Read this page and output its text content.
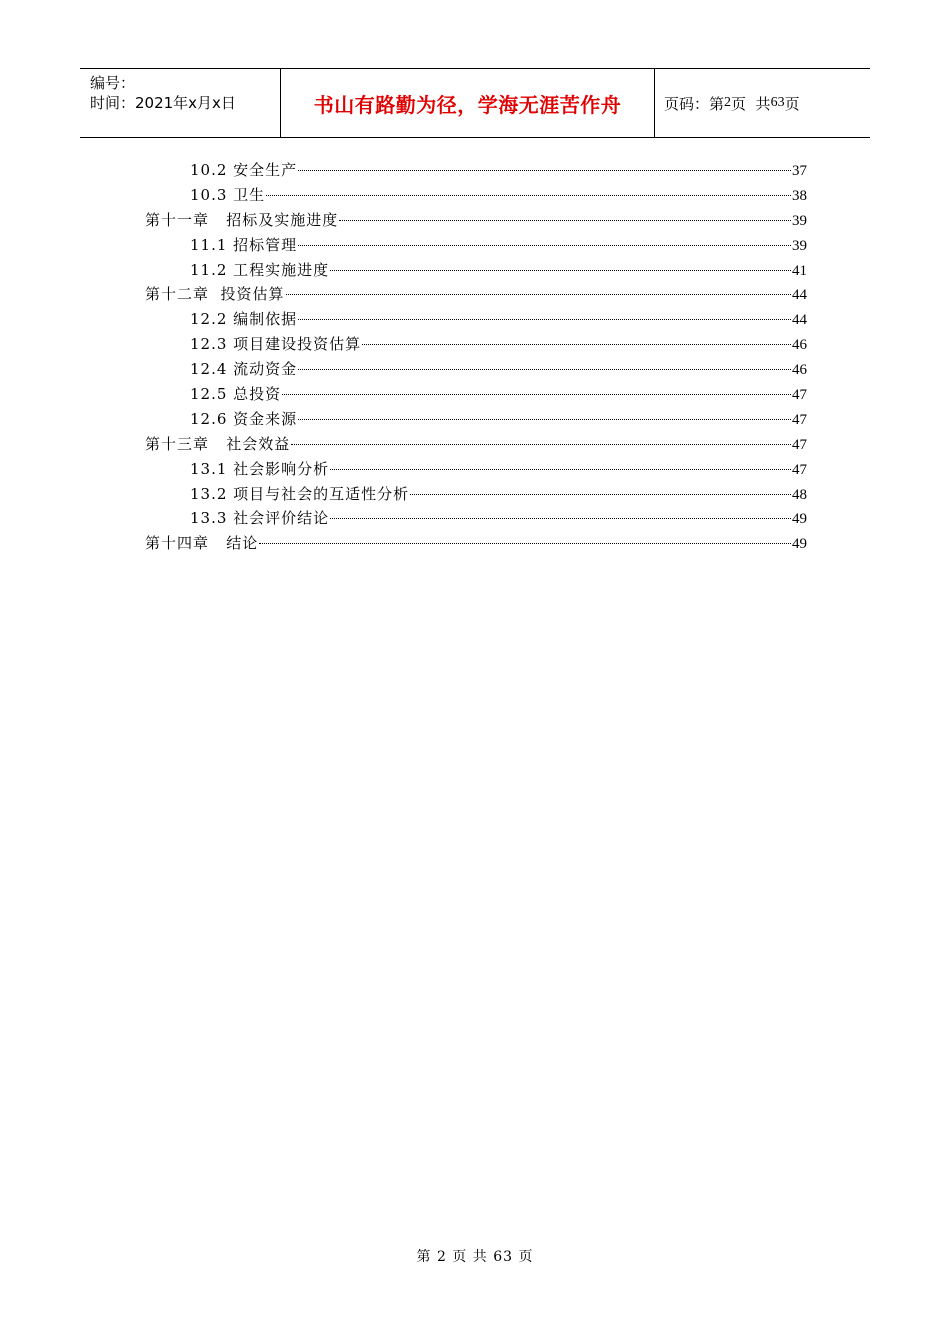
编号：
时间：2021年x月x日	书山有路勤为径，学海无涯苦作舟	页码：第 2 页  共 63 页
10.2 安全生产	37
10.3 卫生	38
第十一章   招标及实施进度	39
11.1 招标管理	39
11.2 工程实施进度	41
第十二章  投资估算	44
12.2 编制依据	44
12.3 项目建设投资估算	46
12.4 流动资金	46
12.5 总投资	47
12.6 资金来源	47
第十三章   社会效益	47
13.1 社会影响分析	47
13.2 项目与社会的互适性分析	48
13.3 社会评价结论	49
第十四章   结论	49
第 2 页 共 63 页
